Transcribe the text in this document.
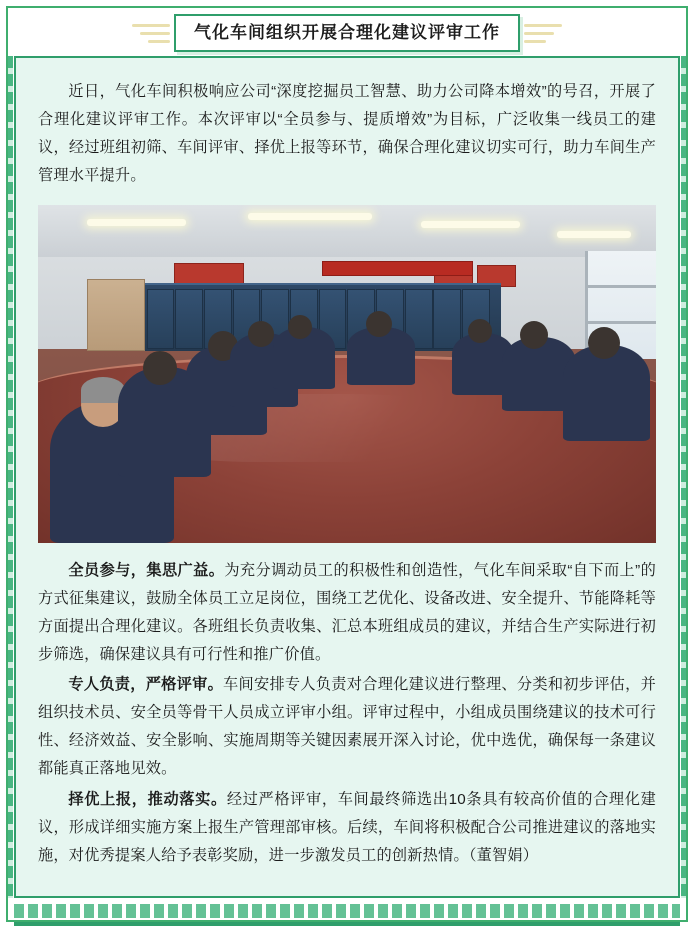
气化车间组织开展合理化建议评审工作

近日，气化车间积极响应公司“深度挖掘员工智慧、助力公司降本增效”的号召，开展了合理化建议评审工作。本次评审以“全员参与、提质增效”为目标，广泛收集一线员工的建议，经过班组初筛、车间评审、择优上报等环节，确保合理化建议切实可行，助力车间生产管理水平提升。

全员参与，集思广益。为充分调动员工的积极性和创造性，气化车间采取“自下而上”的方式征集建议，鼓励全体员工立足岗位，围绕工艺优化、设备改进、安全提升、节能降耗等方面提出合理化建议。各班组长负责收集、汇总本班组成员的建议，并结合生产实际进行初步筛选，确保建议具有可行性和推广价值。

专人负责，严格评审。车间安排专人负责对合理化建议进行整理、分类和初步评估，并组织技术员、安全员等骨干人员成立评审小组。评审过程中，小组成员围绕建议的技术可行性、经济效益、安全影响、实施周期等关键因素展开深入讨论，优中选优，确保每一条建议都能真正落地见效。

择优上报，推动落实。经过严格评审，车间最终筛选出10条具有较高价值的合理化建议，形成详细实施方案上报生产管理部审核。后续，车间将积极配合公司推进建议的落地实施，对优秀提案人给予表彰奖励，进一步激发员工的创新热情。（董智娟）
